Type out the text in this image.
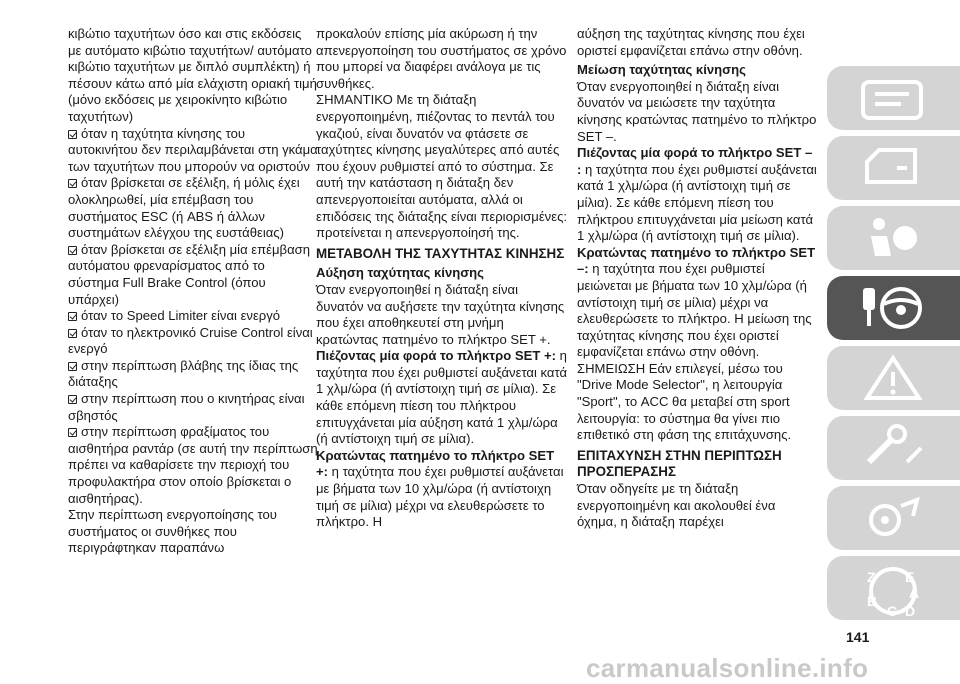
κιβώτιο ταχυτήτων όσο και στις εκδόσεις με αυτόματο κιβώτιο ταχυτήτων/ αυτόματο κιβώτιο ταχυτήτων με διπλό συμπλέκτη) ή πέσουν κάτω από μία ελάχιστη οριακή τιμή (μόνο εκδόσεις με χειροκίνητο κιβώτιο ταχυτήτων)

όταν η ταχύτητα κίνησης του αυτοκινήτου δεν περιλαμβάνεται στη γκάμα των ταχυτήτων που μπορούν να οριστούν

όταν βρίσκεται σε εξέλιξη, ή μόλις έχει ολοκληρωθεί, μία επέμβαση του συστήματος ESC (ή ABS ή άλλων συστημάτων ελέγχου της ευστάθειας)

όταν βρίσκεται σε εξέλιξη μία επέμβαση αυτόματου φρεναρίσματος από το σύστημα Full Brake Control (όπου υπάρχει)

όταν το Speed Limiter είναι ενεργό

όταν το ηλεκτρονικό Cruise Control είναι ενεργό

στην περίπτωση βλάβης της ίδιας της διάταξης

στην περίπτωση που ο κινητήρας είναι σβηστός

στην περίπτωση φραξίματος του αισθητήρα ραντάρ (σε αυτή την περίπτωση πρέπει να καθαρίσετε την περιοχή του προφυλακτήρα στον οποίο βρίσκεται ο αισθητήρας).

Στην περίπτωση ενεργοποίησης του συστήματος οι συνθήκες που περιγράφτηκαν παραπάνω

προκαλούν επίσης μία ακύρωση ή την απενεργοποίηση του συστήματος σε χρόνο που μπορεί να διαφέρει ανάλογα με τις συνθήκες.

ΣΗΜΑΝΤΙΚΟ Με τη διάταξη ενεργοποιημένη, πιέζοντας το πεντάλ του γκαζιού, είναι δυνατόν να φτάσετε σε ταχύτητες κίνησης μεγαλύτερες από αυτές που έχουν ρυθμιστεί από το σύστημα. Σε αυτή την κατάσταση η διάταξη δεν απενεργοποιείται αυτόματα, αλλά οι επιδόσεις της διάταξης είναι περιορισμένες: προτείνεται η απενεργοποίησή της.

ΜΕΤΑΒΟΛΗ ΤΗΣ ΤΑΧΥΤΗΤΑΣ ΚΙΝΗΣΗΣ

Αύξηση ταχύτητας κίνησης

Όταν ενεργοποιηθεί η διάταξη είναι δυνατόν να αυξήσετε την ταχύτητα κίνησης που έχει αποθηκευτεί στη μνήμη κρατώντας πατημένο το πλήκτρο SET +.

Πιέζοντας μία φορά το πλήκτρο SET +: η ταχύτητα που έχει ρυθμιστεί αυξάνεται κατά 1 χλμ/ώρα (ή αντίστοιχη τιμή σε μίλια). Σε κάθε επόμενη πίεση του πλήκτρου επιτυγχάνεται μία αύξηση κατά 1 χλμ/ώρα (ή αντίστοιχη τιμή σε μίλια).

Κρατώντας πατημένο το πλήκτρο SET +: η ταχύτητα που έχει ρυθμιστεί αυξάνεται με βήματα των 10 χλμ/ώρα (ή αντίστοιχη τιμή σε μίλια) μέχρι να ελευθερώσετε το πλήκτρο. Η

αύξηση της ταχύτητας κίνησης που έχει οριστεί εμφανίζεται επάνω στην οθόνη.

Μείωση ταχύτητας κίνησης

Όταν ενεργοποιηθεί η διάταξη είναι δυνατόν να μειώσετε την ταχύτητα κίνησης κρατώντας πατημένο το πλήκτρο SET –.

Πιέζοντας μία φορά το πλήκτρο SET – : η ταχύτητα που έχει ρυθμιστεί αυξάνεται κατά 1 χλμ/ώρα (ή αντίστοιχη τιμή σε μίλια). Σε κάθε επόμενη πίεση του πλήκτρου επιτυγχάνεται μία μείωση κατά 1 χλμ/ώρα (ή αντίστοιχη τιμή σε μίλια).

Κρατώντας πατημένο το πλήκτρο SET –: η ταχύτητα που έχει ρυθμιστεί μειώνεται με βήματα των 10 χλμ/ώρα (ή αντίστοιχη τιμή σε μίλια) μέχρι να ελευθερώσετε το πλήκτρο. Η μείωση της ταχύτητας κίνησης που έχει οριστεί εμφανίζεται επάνω στην οθόνη.

ΣΗΜΕΙΩΣΗ Εάν επιλεγεί, μέσω του "Drive Mode Selector", η λειτουργία "Sport", το ACC θα μεταβεί στη sport λειτουργία: το σύστημα θα γίνει πιο επιθετικό στη φάση της επιτάχυνσης.

ΕΠΙΤΑΧΥΝΣΗ ΣΤΗΝ ΠΕΡΙΠΤΩΣΗ ΠΡΟΣΠΕΡΑΣΗΣ

Όταν οδηγείτε με τη διάταξη ενεργοποιημένη και ακολουθεί ένα όχημα, η διάταξη παρέχει

Z E
A
B
C D
141
carmanualsonline.info
